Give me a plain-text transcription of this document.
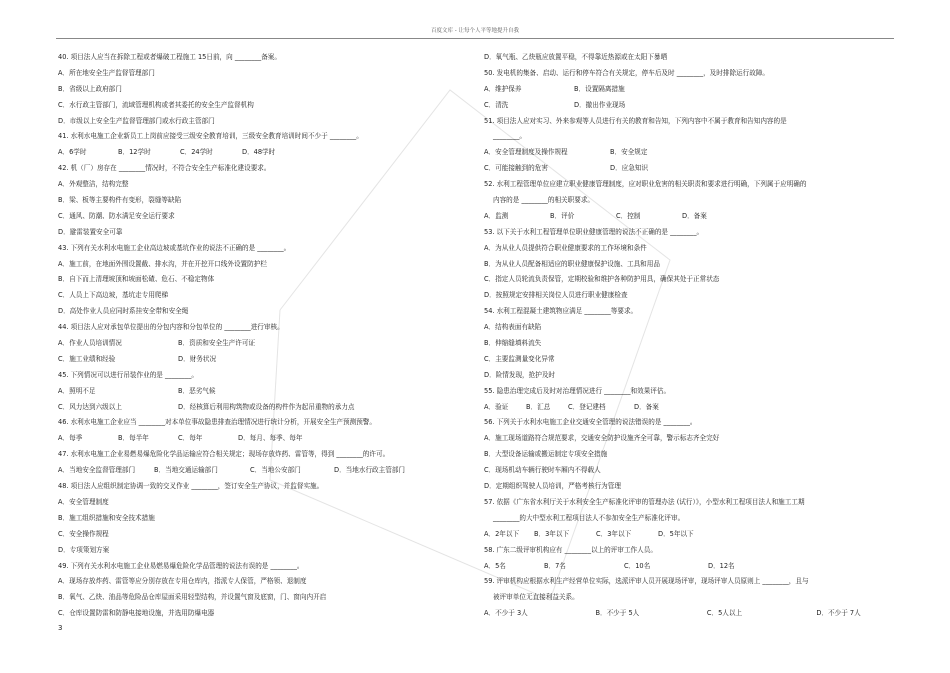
百度文库 - 让每个人平等地提升自我
40. 项目法人应当在拆除工程或者爆破工程施工 15日前，向 ________备案。
A．所在地安全生产监督管理部门
B．省级以上政府部门
C．水行政主管部门，流域管理机构或者其委托的安全生产监督机构
D．市级以上安全生产监督管理部门或水行政主管部门
41. 水利水电施工企业新员工上岗前应接受三级安全教育培训，三级安全教育培训时间不少于 ________。
A．6学时	B．12学时	C．24学时	D．48学时
42. 机（厂）房存在 ________情况时，不符合安全生产标准化建设要求。
A．外观整洁，结构完整
B．梁、板等主要构件有变形，裂缝等缺陷
C．通风、防潮、防水满足安全运行要求
D．避雷装置安全可靠
43. 下列有关水利水电施工企业高边坡或基坑作业的说法不正确的是 ________。
A．施工前，在地面外围设置截、排水沟，并在开挖开口线外设置防护栏
B．自下而上清理坡顶和坡面松碴、危石、不稳定物体
C．人员上下高边坡，基坑走专用爬梯
D．高处作业人员应同时系挂安全带和安全绳
44. 项目法人应对承包单位提出的分包内容和分包单位的 ________进行审核。
A．作业人员培训情况	B．资质和安全生产许可证
C．施工业绩和经验	D．财务状况
45. 下列情况可以进行吊装作业的是 ________。
A．照明不足	B．恶劣气候
C．风力达到六级以上	D．经核算后利用构筑物或设备的构件作为起吊重物的承力点
46. 水利水电施工企业应当 ________对本单位事故隐患排查治理情况进行统计分析，开展安全生产预测预警。
A．每季	B．每半年	C．每年	D．每月、每季、每年
47. 水利水电施工企业易燃易爆危险化学品运输应符合相关规定；现场存放炸药、雷管等，得到 ________的许可。
A．当地安全监督管理部门	B．当地交通运输部门	C．当地公安部门	D．当地水行政主管部门
48. 项目法人应组织制定协调一致的交叉作业 ________，签订安全生产协议，并监督实施。
A．安全管理制度
B．施工组织措施和安全技术措施
C．安全操作规程
D．专项策划方案
49. 下列有关水利水电施工企业易燃易爆危险化学品管理的说法有误的是 ________。
A．现场存放炸药、雷管等应分别存放在专用仓库内，指派专人保管，严格领、退制度
B．氧气、乙炔、油品等危险品仓库屋面采用轻型结构，并设置气窗及底窗，门、窗向内开启
C．仓库设置防雷和防静电接地设施，并选用防爆电器
D．氧气瓶、乙炔瓶应放置平稳，不得靠近热源或在太阳下暴晒
50. 发电机的集备、启动、运行和停车符合有关规定，停车后及时 ________，及时排除运行故障。
A．维护保养	B．设置隔离措施
C．清洗	D．撤出作业现场
51. 项目法人应对实习、外来参观等人员进行有关的教育和告知，下列内容中不属于教育和告知内容的是
________。
A．安全管理制度及操作规程	B．安全规定
C．可能接触到的危害	D．应急知识
52. 水利工程管理单位应建立职业健康管理制度，应对职业危害的相关职责和要求进行明确，下列属于应明确的
内容的是 ________的相关职要求。
A．监测	B．评价	C．控制	D．备案
53. 以下关于水利工程管理单位职业健康管理的说法不正确的是 ________。
A．为从业人员提供符合职业健康要求的工作环境和条件
B．为从业人员配备相适应的职业健康保护设施、工具和用品
C．指定人员轮流负责保管，定期校验和维护各种防护用具，确保其处于正常状态
D．按照规定安排相关岗位人员进行职业健康检查
54. 水利工程混凝土建筑物应满足 ________等要求。
A．结构表面有缺陷
B．伸缩缝填料流失
C．主要监测量变化异常
D．险情发现，抢护及时
55. 隐患治理完成后及时对治理情况进行 ________和效果评估。
A．验证	B．汇总	C．登记建档	D．备案
56. 下列关于水利水电施工企业交通安全管理的说法错误的是 ________。
A．施工现场道路符合规范要求，交通安全防护设施齐全可靠，警示标志齐全完好
B．大型设备运输或搬运制定专项安全措施
C．现场机动车辆行驶时车厢内不得载人
D．定期组织驾驶人员培训，严格考核行为管理
57. 依据《广东省水利厅关于水利安全生产标准化评审的管理办法 (试行）》，小型水利工程项目法人和施工工期
________的大中型水利工程项目法人不参加安全生产标准化评审。
A．2年以下	B．3年以下	C．3年以下	D．5年以下
58. 广东二级评审机构应有 ________以上的评审工作人员。
A．5名	B．7名	C．10名	D．12名
59. 评审机构应根据水利生产经营单位实际，选派评审人员开展现场评审，现场评审人员原则上 ________，且与
被评审单位无直接利益关系。
A．不少于 3人	B．不少于 5人	C．5人以上	D．不少于 7人
3
